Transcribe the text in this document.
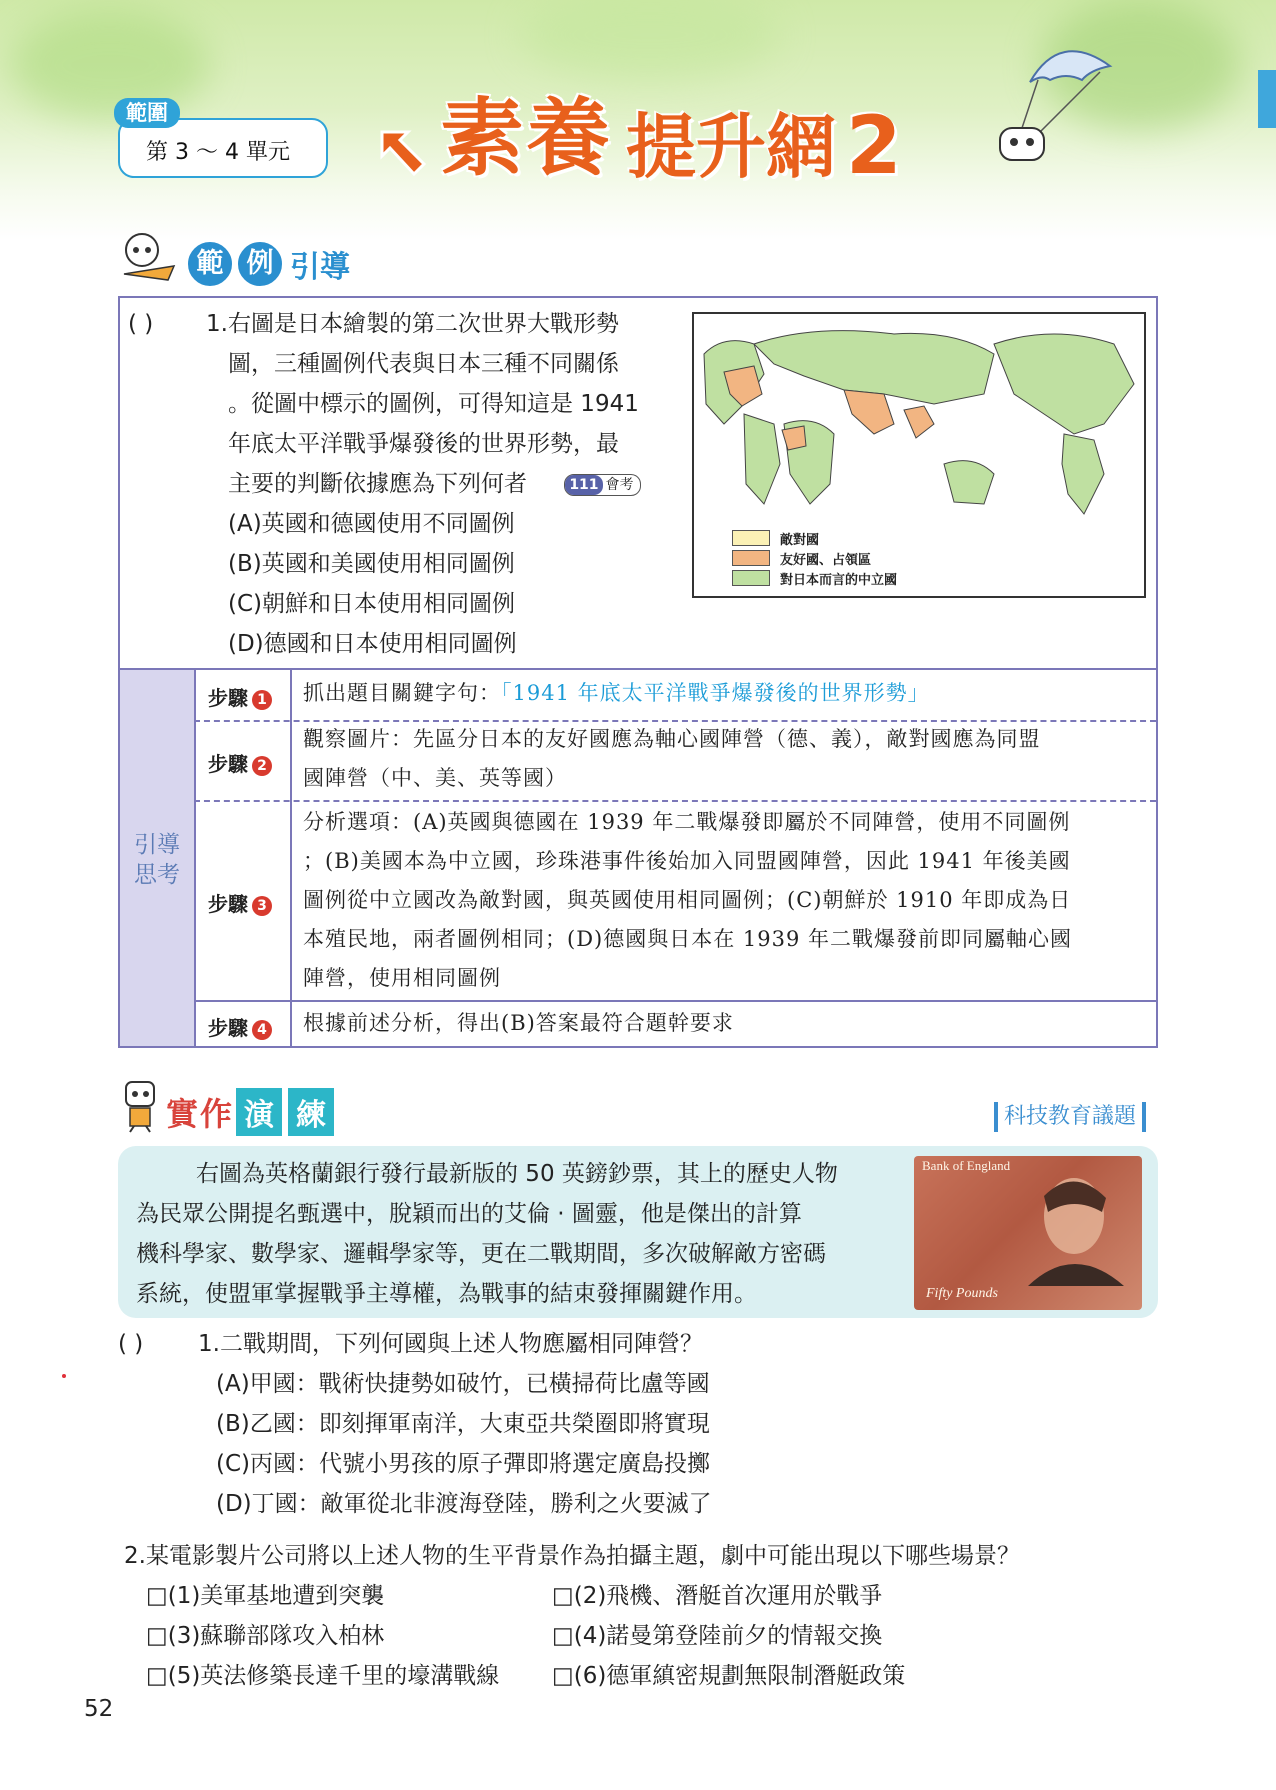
範圍
第 3 ～ 4 單元 素養 提升網 2
範 例 引導
( ) 1. 右圖是日本繪製的第二次世界大戰形勢
圖，三種圖例代表與日本三種不同關係
。從圖中標示的圖例，可得知這是 1941
年底太平洋戰爭爆發後的世界形勢，最
主要的判斷依據應為下列何者	111 會考
(A)英國和德國使用不同圖例
(B)英國和美國使用相同圖例
(C)朝鮮和日本使用相同圖例
(D)德國和日本使用相同圖例
敵對國
友好國、占領區
對日本而言的中立國
引導
思考
步驟 1 抓出題目關鍵字句：「1941 年底太平洋戰爭爆發後的世界形勢」
步驟 2
觀察圖片：先區分日本的友好國應為軸心國陣營（德、義），敵對國應為同盟
國陣營（中、美、英等國）
步驟 3
分析選項：(A)英國與德國在 1939 年二戰爆發即屬於不同陣營，使用不同圖例
；(B)美國本為中立國，珍珠港事件後始加入同盟國陣營，因此 1941 年後美國
圖例從中立國改為敵對國，與英國使用相同圖例；(C)朝鮮於 1910 年即成為日
本殖民地，兩者圖例相同；(D)德國與日本在 1939 年二戰爆發前即同屬軸心國
陣營，使用相同圖例
步驟 4 根據前述分析，得出(B)答案最符合題幹要求
實 作 演 練	科技教育議題
右圖為英格蘭銀行發行最新版的 50 英鎊鈔票，其上的歷史人物
為民眾公開提名甄選中，脫穎而出的艾倫 · 圖靈，他是傑出的計算
機科學家、數學家、邏輯學家等，更在二戰期間，多次破解敵方密碼
系統，使盟軍掌握戰爭主導權，為戰事的結束發揮關鍵作用。
Bank of England
Fifty Pounds
( ) 1.二戰期間，下列何國與上述人物應屬相同陣營？
(A)甲國：戰術快捷勢如破竹，已橫掃荷比盧等國
(B)乙國：即刻揮軍南洋，大東亞共榮圈即將實現
(C)丙國：代號小男孩的原子彈即將選定廣島投擲
(D)丁國：敵軍從北非渡海登陸，勝利之火要滅了
2.某電影製片公司將以上述人物的生平背景作為拍攝主題，劇中可能出現以下哪些場景？
□(1)美軍基地遭到突襲	□(2)飛機、潛艇首次運用於戰爭
□(3)蘇聯部隊攻入柏林	□(4)諾曼第登陸前夕的情報交換
□(5)英法修築長達千里的壕溝戰線 □(6)德軍縝密規劃無限制潛艇政策
52
